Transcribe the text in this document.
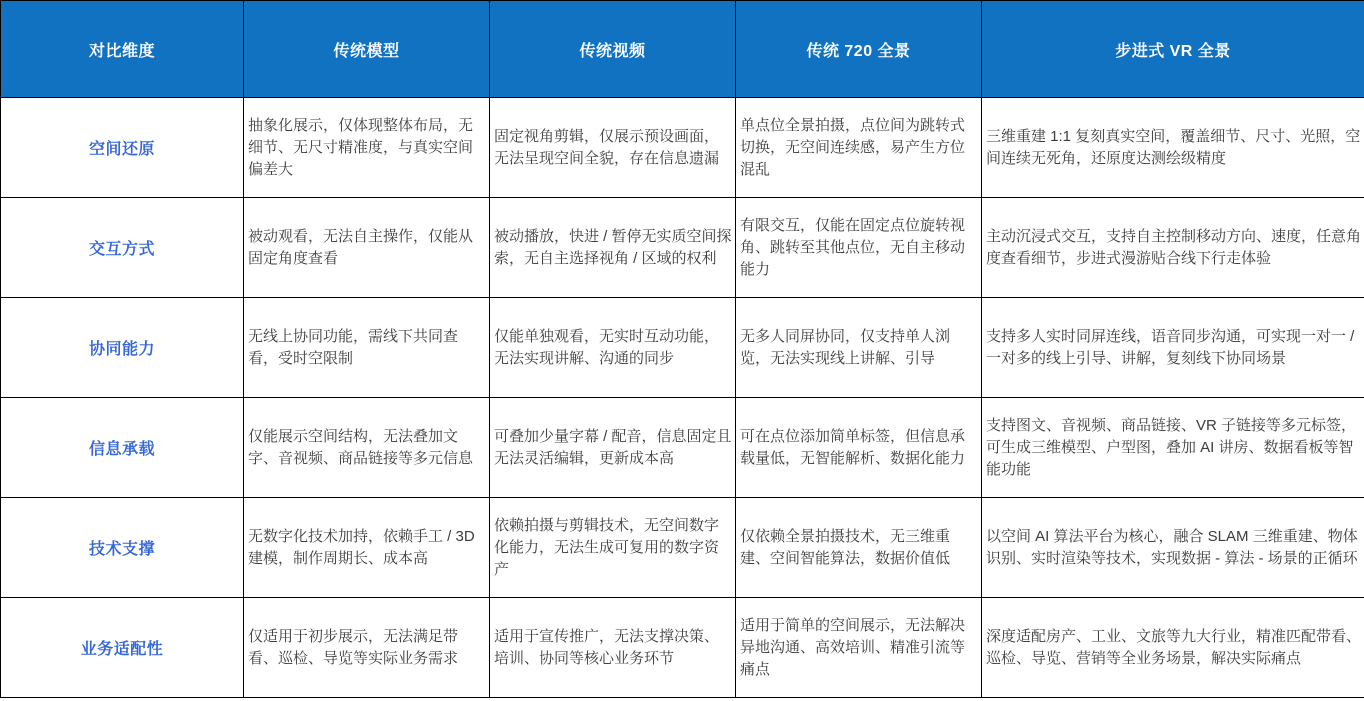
对比维度	传统模型	传统视频	传统 720 全景	步进式 VR 全景
空间还原	抽象化展示，仅体现整体布局，无细节、无尺寸精准度，与真实空间偏差大	固定视角剪辑，仅展示预设画面，无法呈现空间全貌，存在信息遗漏	单点位全景拍摄，点位间为跳转式切换，无空间连续感，易产生方位混乱	三维重建 1:1 复刻真实空间，覆盖细节、尺寸、光照，空间连续无死角，还原度达测绘级精度
交互方式	被动观看，无法自主操作，仅能从固定角度查看	被动播放，快进 / 暂停无实质空间探索，无自主选择视角 / 区域的权利	有限交互，仅能在固定点位旋转视角、跳转至其他点位，无自主移动能力	主动沉浸式交互，支持自主控制移动方向、速度，任意角度查看细节，步进式漫游贴合线下行走体验
协同能力	无线上协同功能，需线下共同查看，受时空限制	仅能单独观看，无实时互动功能，无法实现讲解、沟通的同步	无多人同屏协同，仅支持单人浏览，无法实现线上讲解、引导	支持多人实时同屏连线，语音同步沟通，可实现一对一 / 一对多的线上引导、讲解，复刻线下协同场景
信息承载	仅能展示空间结构，无法叠加文字、音视频、商品链接等多元信息	可叠加少量字幕 / 配音，信息固定且无法灵活编辑，更新成本高	可在点位添加简单标签，但信息承载量低，无智能解析、数据化能力	支持图文、音视频、商品链接、VR 子链接等多元标签，可生成三维模型、户型图，叠加 AI 讲房、数据看板等智能功能
技术支撑	无数字化技术加持，依赖手工 / 3D 建模，制作周期长、成本高	依赖拍摄与剪辑技术，无空间数字化能力，无法生成可复用的数字资产	仅依赖全景拍摄技术，无三维重建、空间智能算法，数据价值低	以空间 AI 算法平台为核心，融合 SLAM 三维重建、物体识别、实时渲染等技术，实现数据 - 算法 - 场景的正循环
业务适配性	仅适用于初步展示，无法满足带看、巡检、导览等实际业务需求	适用于宣传推广，无法支撑决策、培训、协同等核心业务环节	适用于简单的空间展示，无法解决异地沟通、高效培训、精准引流等痛点	深度适配房产、工业、文旅等九大行业，精准匹配带看、巡检、导览、营销等全业务场景，解决实际痛点
